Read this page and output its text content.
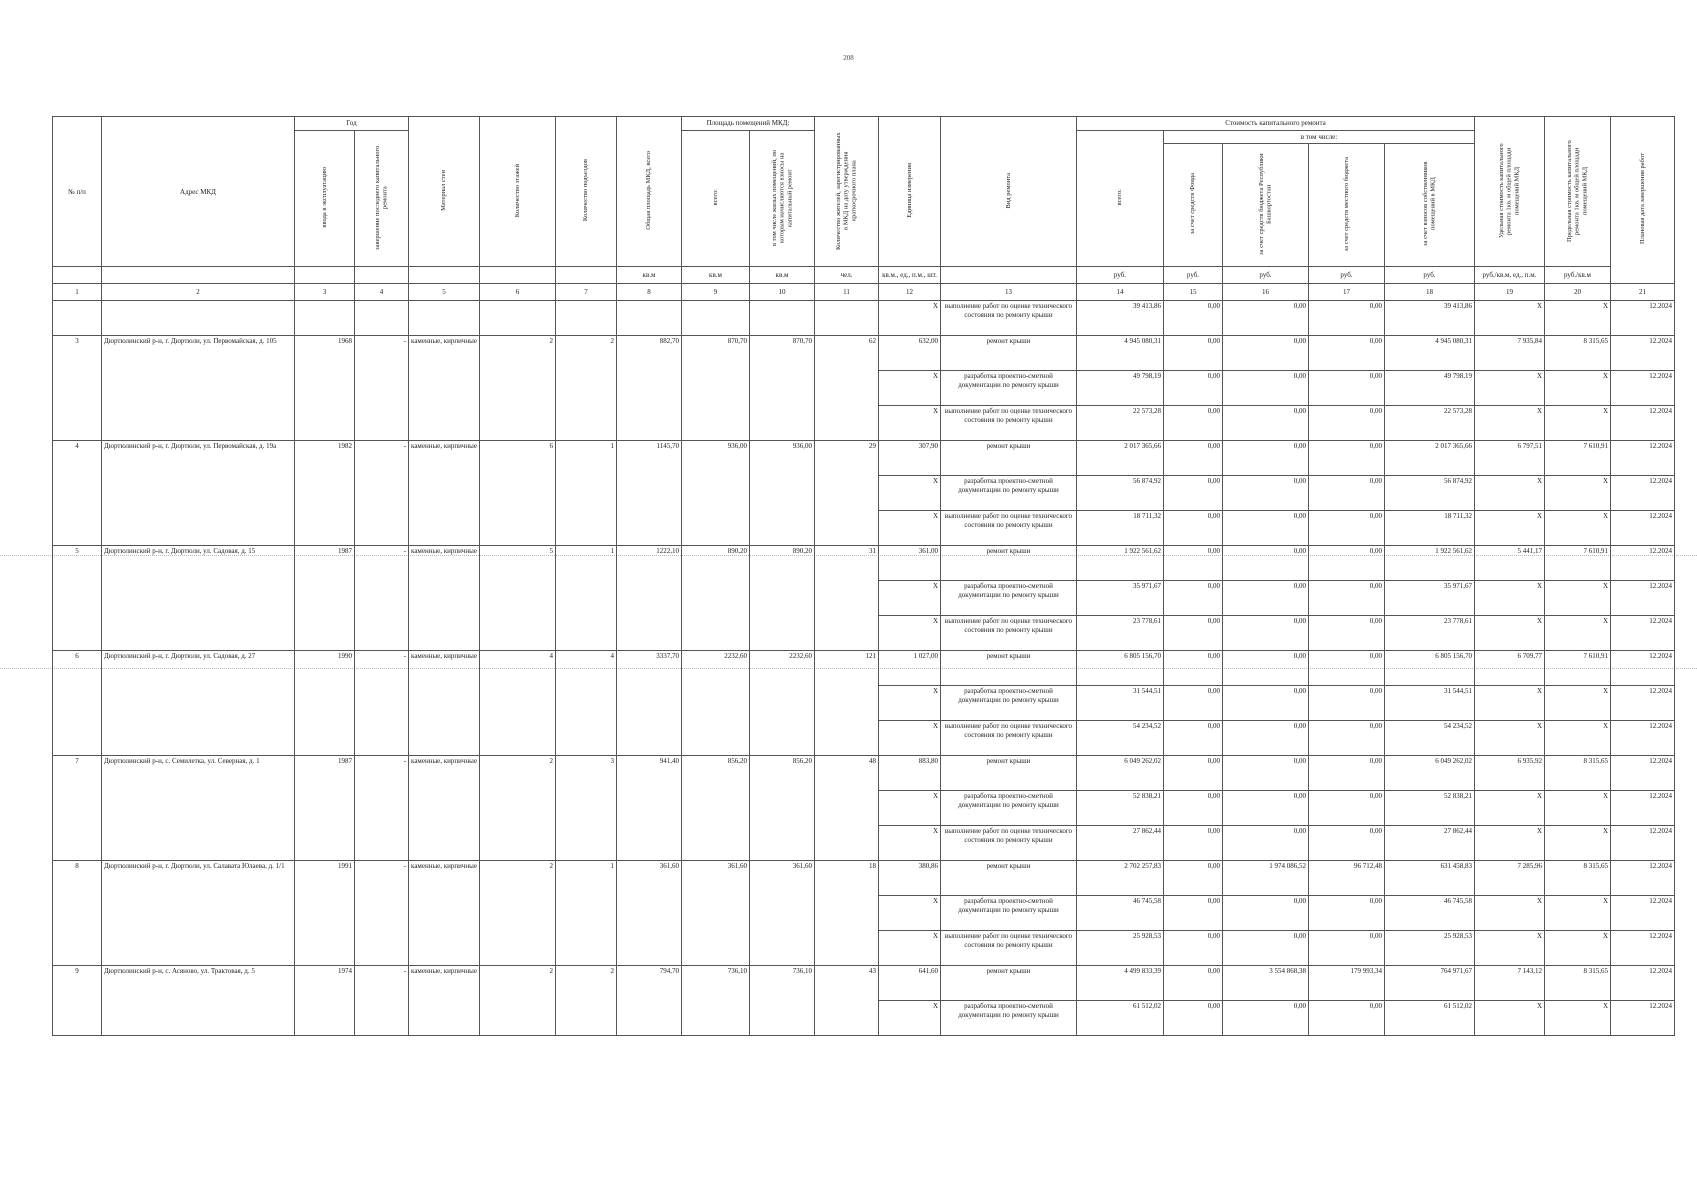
208
№ п/п	Адрес МКД	Год		Материал стен	Количество этажей	Количество подъездов	Общая площадь МКД, всего	Площадь помещений МКД:		Количество жителей, зарегистрированных в МКД на дату утверждения краткосрочного плана	Единица измерения	Вид ремонта	Стоимость капитального ремонта					Удельная стоимость капитального ремонта 1кв. м общей площади помещений МКД	Предельная стоимость капитального ремонта 1кв. м общей площади помещений МКД	Плановая дата завершения работ
		ввода в эксплуатацию	завершение последнего капитального ремонта					всего:	в том числе жилых помещений, по которым начисляются взносы на капитальный ремонт				всего:	в том числе:						
														за счет средств Фонда	за счет средств бюджета Республики Башкортостан	за счет средств местного бюджета	за счет взносов собственников помещений в МКД			
							кв.м	кв.м	кв.м	чел.	кв.м., ед., п.м., шт.		руб.	руб.	руб.	руб.	руб.	руб./кв.м, ед., п.м.	руб./кв.м	
1	2	3	4	5	6	7	8	9	10	11	12	13	14	15	16	17	18	19	20	21
											X	выполнение работ по оценке технического состояния по ремонту крыши	39 413,86	0,00	0,00	0,00	39 413,86	X	X	12.2024
3	Дюртюлинский р-н, г. Дюртюли, ул. Первомайская, д. 105	1968	-	каменные, кирпичные	2	2	882,70	870,70	870,70	62	632,00	ремонт крыши	4 945 080,31	0,00	0,00	0,00	4 945 080,31	7 935,84	8 315,65	12.2024
											X	разработка проектно-сметной документации по ремонту крыши	49 798,19	0,00	0,00	0,00	49 798,19	X	X	12.2024
											X	выполнение работ по оценке технического состояния по ремонту крыши	22 573,28	0,00	0,00	0,00	22 573,28	X	X	12.2024
4	Дюртюлинский р-н, г. Дюртюли, ул. Первомайская, д. 19а	1982	-	каменные, кирпичные	6	1	1145,70	936,00	936,00	29	307,90	ремонт крыши	2 017 365,66	0,00	0,00	0,00	2 017 365,66	6 797,51	7 610,91	12.2024
											X	разработка проектно-сметной документации по ремонту крыши	56 874,92	0,00	0,00	0,00	56 874,92	X	X	12.2024
											X	выполнение работ по оценке технического состояния по ремонту крыши	18 711,32	0,00	0,00	0,00	18 711,32	X	X	12.2024
5	Дюртюлинский р-н, г. Дюртюли, ул. Садовая, д. 15	1987	-	каменные, кирпичные	5	1	1222,10	890,20	890,20	31	361,00	ремонт крыши	1 922 561,62	0,00	0,00	0,00	1 922 561,62	5 441,17	7 610,91	12.2024
											X	разработка проектно-сметной документации по ремонту крыши	35 971,67	0,00	0,00	0,00	35 971,67	X	X	12.2024
											X	выполнение работ по оценке технического состояния по ремонту крыши	23 778,61	0,00	0,00	0,00	23 778,61	X	X	12.2024
6	Дюртюлинский р-н, г. Дюртюли, ул. Садовая, д. 27	1990	-	каменные, кирпичные	4	4	3337,70	2232,60	2232,60	121	1 027,00	ремонт крыши	6 805 156,70	0,00	0,00	0,00	6 805 156,70	6 709,77	7 610,91	12.2024
											X	разработка проектно-сметной документации по ремонту крыши	31 544,51	0,00	0,00	0,00	31 544,51	X	X	12.2024
											X	выполнение работ по оценке технического состояния по ремонту крыши	54 234,52	0,00	0,00	0,00	54 234,52	X	X	12.2024
7	Дюртюлинский р-н, с. Семилетка, ул. Северная, д. 1	1987	-	каменные, кирпичные	2	3	941,40	856,20	856,20	48	883,80	ремонт крыши	6 049 262,02	0,00	0,00	0,00	6 049 262,02	6 935,92	8 315,65	12.2024
											X	разработка проектно-сметной документации по ремонту крыши	52 838,21	0,00	0,00	0,00	52 838,21	X	X	12.2024
											X	выполнение работ по оценке технического состояния по ремонту крыши	27 862,44	0,00	0,00	0,00	27 862,44	X	X	12.2024
8	Дюртюлинский р-н, г. Дюртюли, ул. Салавата Юлаева, д. 1/1	1991	-	каменные, кирпичные	2	1	361,60	361,60	361,60	18	380,86	ремонт крыши	2 702 257,83	0,00	1 974 086,52	96 712,48	631 458,83	7 285,96	8 315,65	12.2024
											X	разработка проектно-сметной документации по ремонту крыши	46 745,58	0,00	0,00	0,00	46 745,58	X	X	12.2024
											X	выполнение работ по оценке технического состояния по ремонту крыши	25 928,53	0,00	0,00	0,00	25 928,53	X	X	12.2024
9	Дюртюлинский р-н, с. Асяново, ул. Трактовая, д. 5	1974	-	каменные, кирпичные	2	2	794,70	736,10	736,10	43	641,60	ремонт крыши	4 499 833,39	0,00	3 554 868,38	179 993,34	764 971,67	7 143,12	8 315,65	12.2024
											X	разработка проектно-сметной документации по ремонту крыши	61 512,02	0,00	0,00	0,00	61 512,02	X	X	12.2024
